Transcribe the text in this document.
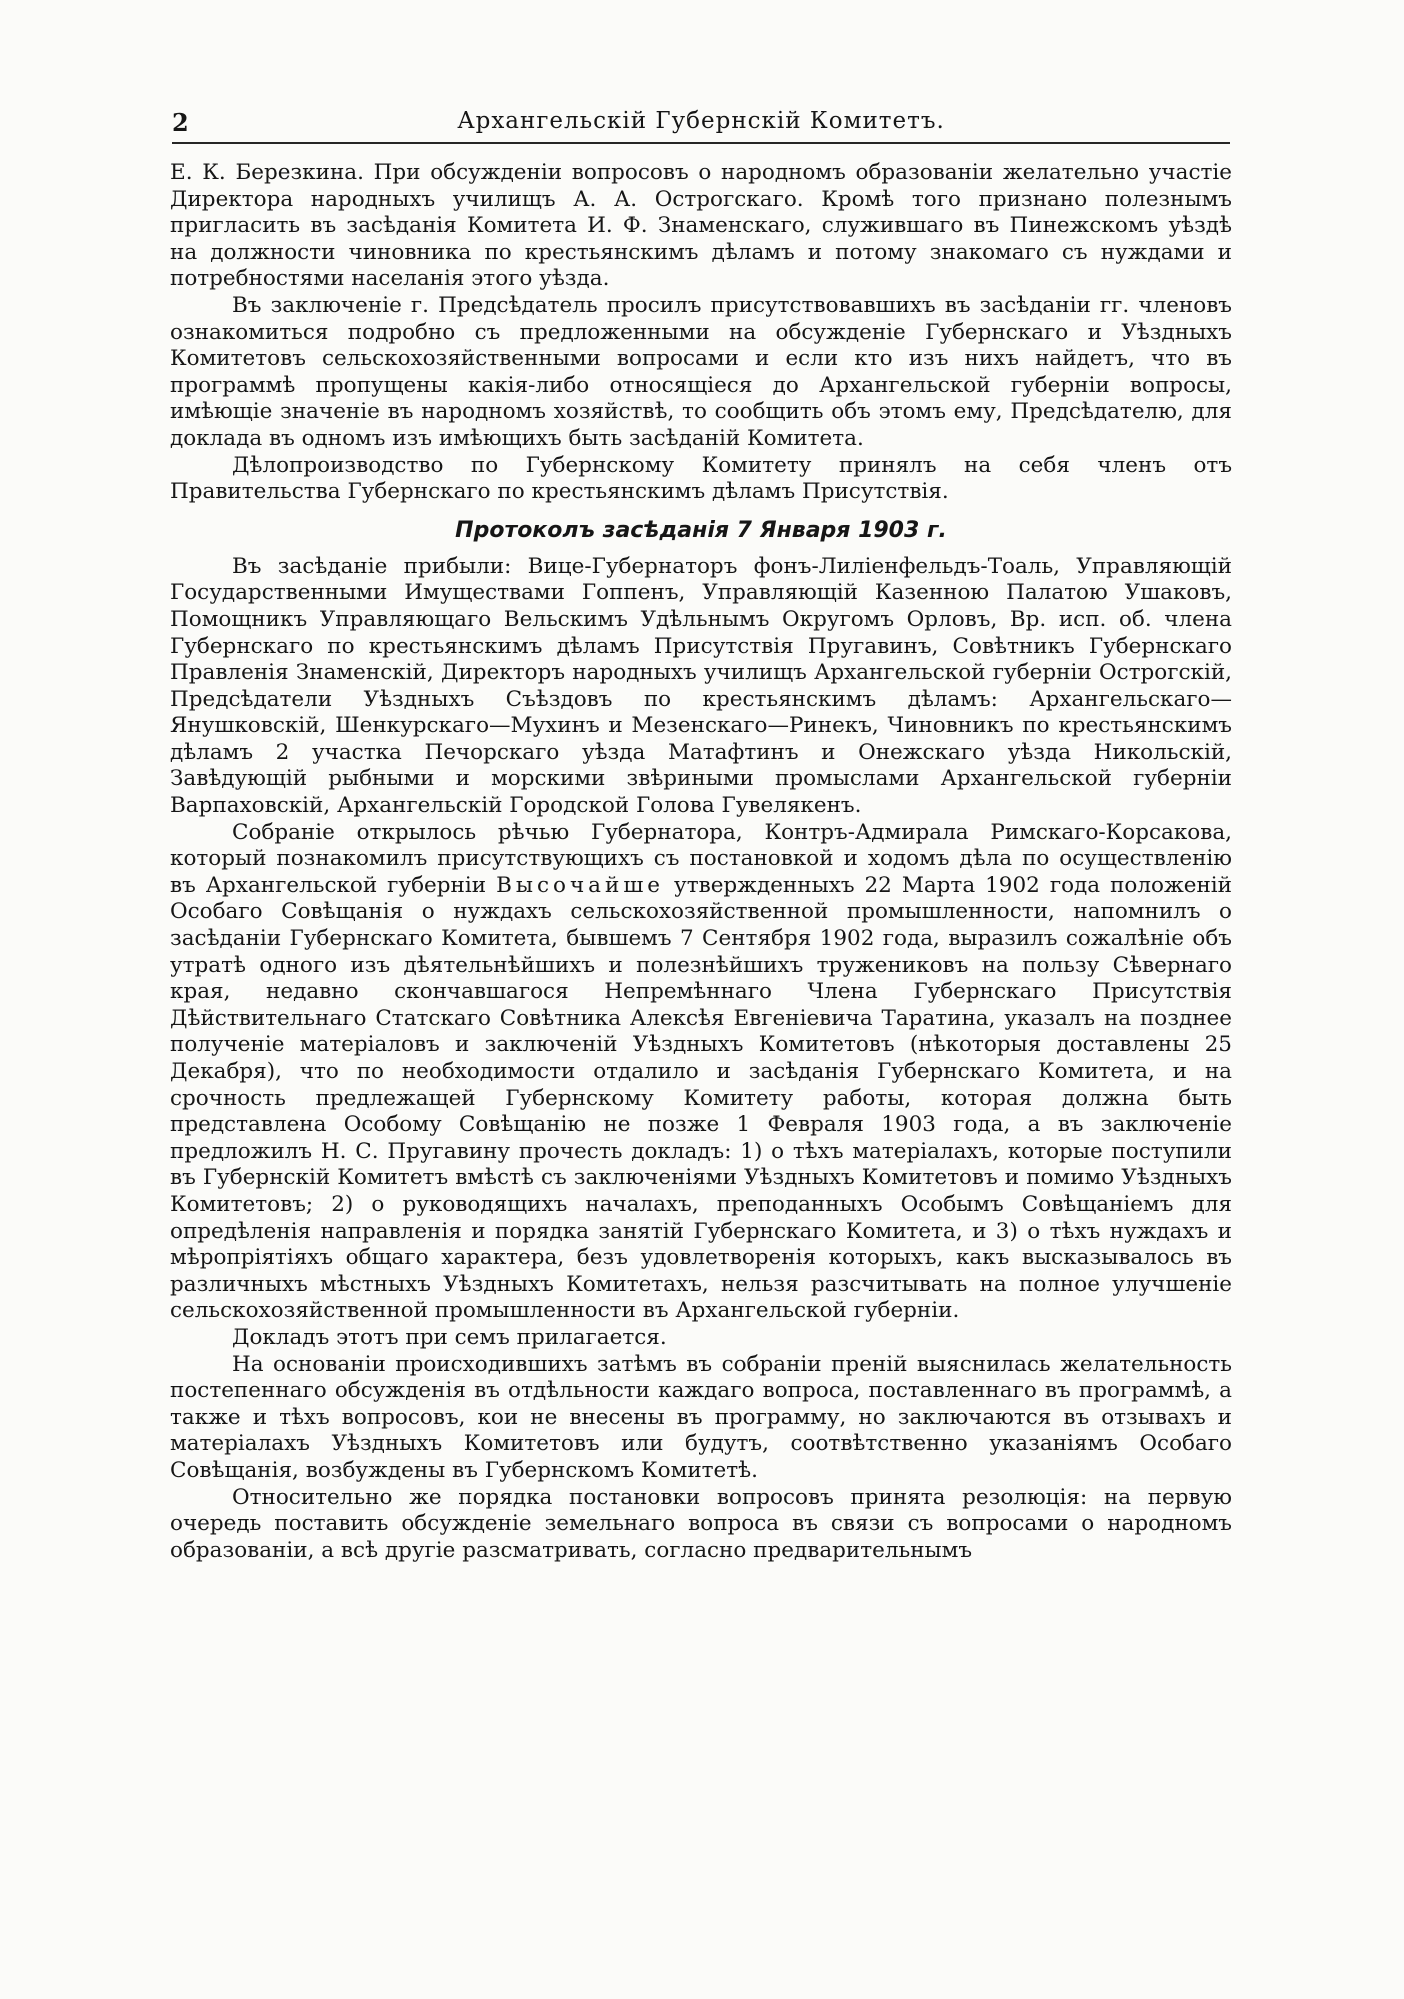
2	Архангельскій Губернскій Комитетъ.

Е. К. Березкина. При обсужденіи вопросовъ о народномъ образованіи желательно участіе Директора народныхъ училищъ А. А. Острогскаго. Кромѣ того признано полезнымъ пригласить въ засѣданія Комитета И. Ф. Знаменскаго, служившаго въ Пинежскомъ уѣздѣ на должности чиновника по крестьянскимъ дѣламъ и потому знакомаго съ нуждами и потребностями населанія этого уѣзда.

Въ заключеніе г. Предсѣдатель просилъ присутствовавшихъ въ засѣданіи гг. членовъ ознакомиться подробно съ предложенными на обсужденіе Губернскаго и Уѣздныхъ Комитетовъ сельскохозяйственными вопросами и если кто изъ нихъ найдетъ, что въ программѣ пропущены какія-либо относящіеся до Архангельской губерніи вопросы, имѣющіе значеніе въ народномъ хозяйствѣ, то сообщить объ этомъ ему, Предсѣдателю, для доклада въ одномъ изъ имѣющихъ быть засѣданій Комитета.

Дѣлопроизводство по Губернскому Комитету принялъ на себя членъ отъ Правительства Губернскаго по крестьянскимъ дѣламъ Присутствія.

Протоколъ засѣданія 7 Января 1903 г.

Въ засѣданіе прибыли: Вице-Губернаторъ фонъ-Лиліенфельдъ-Тоаль, Управляющій Государственными Имуществами Гоппенъ, Управляющій Казенною Палатою Ушаковъ, Помощникъ Управляющаго Вельскимъ Удѣльнымъ Округомъ Орловъ, Вр. исп. об. члена Губернскаго по крестьянскимъ дѣламъ Присутствія Пругавинъ, Совѣтникъ Губернскаго Правленія Знаменскій, Директоръ народныхъ училищъ Архангельской губерніи Острогскій, Предсѣдатели Уѣздныхъ Съѣздовъ по крестьянскимъ дѣламъ: Архангельскаго—Янушковскій, Шенкурскаго—Мухинъ и Мезенскаго—Ринекъ, Чиновникъ по крестьянскимъ дѣламъ 2 участка Печорскаго уѣзда Матафтинъ и Онежскаго уѣзда Никольскій, Завѣдующій рыбными и морскими звѣриными промыслами Архангельской губерніи Варпаховскій, Архангельскій Городской Голова Гувелякенъ.

Собраніе открылось рѣчью Губернатора, Контръ-Адмирала Римскаго-Корсакова, который познакомилъ присутствующихъ съ постановкой и ходомъ дѣла по осуществленію въ Архангельской губерніи Высочайше утвержденныхъ 22 Марта 1902 года положеній Особаго Совѣщанія о нуждахъ сельскохозяйственной промышленности, напомнилъ о засѣданіи Губернскаго Комитета, бывшемъ 7 Сентября 1902 года, выразилъ сожалѣніе объ утратѣ одного изъ дѣятельнѣйшихъ и полезнѣйшихъ тружениковъ на пользу Сѣвернаго края, недавно скончавшагося Непремѣннаго Члена Губернскаго Присутствія Дѣйствительнаго Статскаго Совѣтника Алексѣя Евгеніевича Таратина, указалъ на позднее полученіе матеріаловъ и заключеній Уѣздныхъ Комитетовъ (нѣкоторыя доставлены 25 Декабря), что по необходимости отдалило и засѣданія Губернскаго Комитета, и на срочность предлежащей Губернскому Комитету работы, которая должна быть представлена Особому Совѣщанію не позже 1 Февраля 1903 года, а въ заключеніе предложилъ Н. С. Пругавину прочесть докладъ: 1) о тѣхъ матеріалахъ, которые поступили въ Губернскій Комитетъ вмѣстѣ съ заключеніями Уѣздныхъ Комитетовъ и помимо Уѣздныхъ Комитетовъ; 2) о руководящихъ началахъ, преподанныхъ Особымъ Совѣщаніемъ для опредѣленія направленія и порядка занятій Губернскаго Комитета, и 3) о тѣхъ нуждахъ и мѣропріятіяхъ общаго характера, безъ удовлетворенія которыхъ, какъ высказывалось въ различныхъ мѣстныхъ Уѣздныхъ Комитетахъ, нельзя разсчитывать на полное улучшеніе сельскохозяйственной промышленности въ Архангельской губерніи.

Докладъ этотъ при семъ прилагается.

На основаніи происходившихъ затѣмъ въ собраніи преній выяснилась желательность постепеннаго обсужденія въ отдѣльности каждаго вопроса, поставленнаго въ программѣ, а также и тѣхъ вопросовъ, кои не внесены въ программу, но заключаются въ отзывахъ и матеріалахъ Уѣздныхъ Комитетовъ или будутъ, соотвѣтственно указаніямъ Особаго Совѣщанія, возбуждены въ Губернскомъ Комитетѣ.

Относительно же порядка постановки вопросовъ принята резолюція: на первую очередь поставить обсужденіе земельнаго вопроса въ связи съ вопросами о народномъ образованіи, а всѣ другіе разсматривать, согласно предварительнымъ
